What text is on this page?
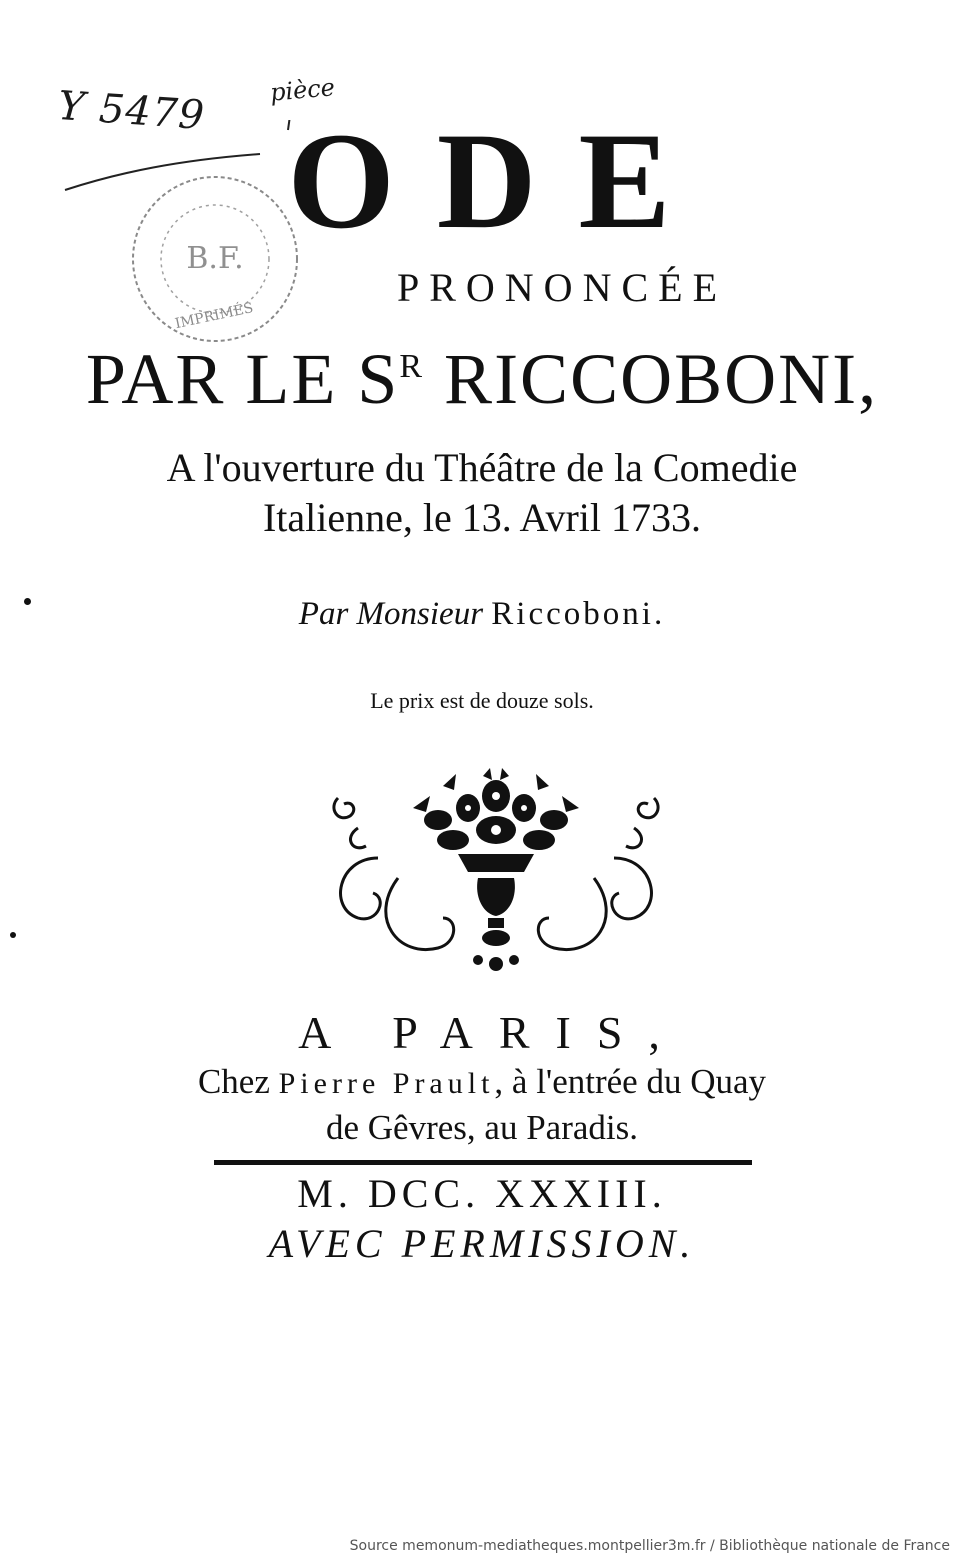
Y 5479	pièce
B.F.
IMPRIMÉS
ODE
PRONONCÉE
PAR LE $S^R$ RICCOBONI,
A l'ouverture du Théâtre de la Comedie
Italienne, le 13. Avril 1733.
Par Monsieur Riccoboni.
Le prix est de douze sols.
A PARIS,
Chez Pierre Prault, à l'entrée du Quay
de Gêvres, au Paradis.
M. DCC. XXXIII.
AVEC PERMISSION.
Source memonum-mediatheques.montpellier3m.fr / Bibliothèque nationale de France
